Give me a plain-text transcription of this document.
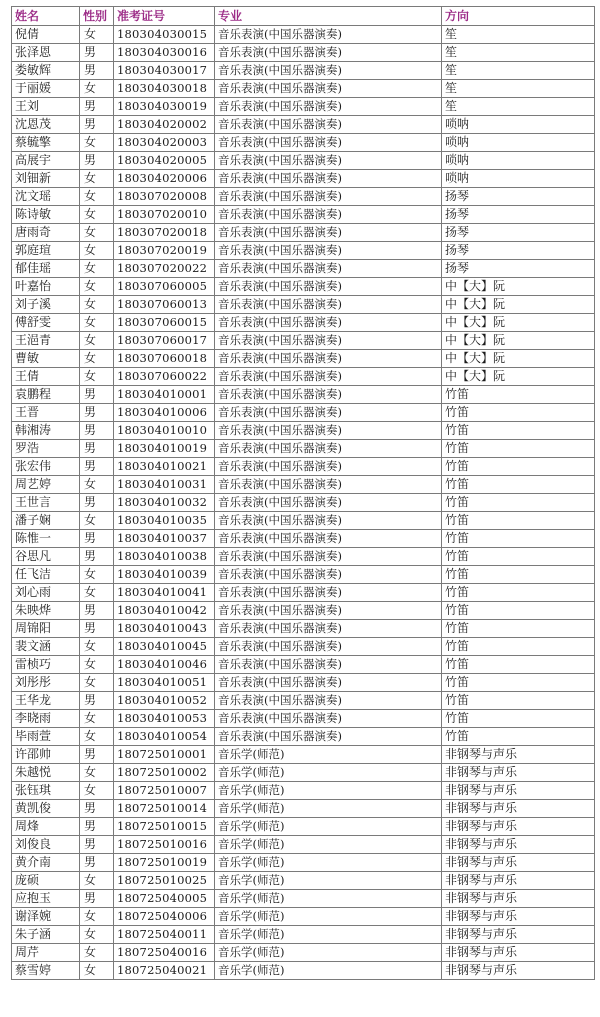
姓名	性别	准考证号	专业	方向
倪倩	女	180304030015	音乐表演(中国乐器演奏)	笙
张泽恩	男	180304030016	音乐表演(中国乐器演奏)	笙
娄敏辉	男	180304030017	音乐表演(中国乐器演奏)	笙
于丽媛	女	180304030018	音乐表演(中国乐器演奏)	笙
王刘	男	180304030019	音乐表演(中国乐器演奏)	笙
沈恩茂	男	180304020002	音乐表演(中国乐器演奏)	唢呐
蔡毓擎	女	180304020003	音乐表演(中国乐器演奏)	唢呐
高展宇	男	180304020005	音乐表演(中国乐器演奏)	唢呐
刘钿新	女	180304020006	音乐表演(中国乐器演奏)	唢呐
沈文瑶	女	180307020008	音乐表演(中国乐器演奏)	扬琴
陈诗敏	女	180307020010	音乐表演(中国乐器演奏)	扬琴
唐雨奇	女	180307020018	音乐表演(中国乐器演奏)	扬琴
郭庭瑄	女	180307020019	音乐表演(中国乐器演奏)	扬琴
郁佳瑶	女	180307020022	音乐表演(中国乐器演奏)	扬琴
叶嘉怡	女	180307060005	音乐表演(中国乐器演奏)	中【大】阮
刘子溪	女	180307060013	音乐表演(中国乐器演奏)	中【大】阮
傅舒雯	女	180307060015	音乐表演(中国乐器演奏)	中【大】阮
王浥青	女	180307060017	音乐表演(中国乐器演奏)	中【大】阮
曹敏	女	180307060018	音乐表演(中国乐器演奏)	中【大】阮
王倩	女	180307060022	音乐表演(中国乐器演奏)	中【大】阮
袁鹏程	男	180304010001	音乐表演(中国乐器演奏)	竹笛
王晋	男	180304010006	音乐表演(中国乐器演奏)	竹笛
韩湘涛	男	180304010010	音乐表演(中国乐器演奏)	竹笛
罗浩	男	180304010019	音乐表演(中国乐器演奏)	竹笛
张宏伟	男	180304010021	音乐表演(中国乐器演奏)	竹笛
周艺婷	女	180304010031	音乐表演(中国乐器演奏)	竹笛
王世言	男	180304010032	音乐表演(中国乐器演奏)	竹笛
潘子娴	女	180304010035	音乐表演(中国乐器演奏)	竹笛
陈惟一	男	180304010037	音乐表演(中国乐器演奏)	竹笛
谷思凡	男	180304010038	音乐表演(中国乐器演奏)	竹笛
任飞洁	女	180304010039	音乐表演(中国乐器演奏)	竹笛
刘心雨	女	180304010041	音乐表演(中国乐器演奏)	竹笛
朱映烨	男	180304010042	音乐表演(中国乐器演奏)	竹笛
周锦阳	男	180304010043	音乐表演(中国乐器演奏)	竹笛
裴文涵	女	180304010045	音乐表演(中国乐器演奏)	竹笛
雷桢巧	女	180304010046	音乐表演(中国乐器演奏)	竹笛
刘彤彤	女	180304010051	音乐表演(中国乐器演奏)	竹笛
王华龙	男	180304010052	音乐表演(中国乐器演奏)	竹笛
李晓雨	女	180304010053	音乐表演(中国乐器演奏)	竹笛
毕雨萱	女	180304010054	音乐表演(中国乐器演奏)	竹笛
许邵帅	男	180725010001	音乐学(师范)	非钢琴与声乐
朱越悦	女	180725010002	音乐学(师范)	非钢琴与声乐
张钰琪	女	180725010007	音乐学(师范)	非钢琴与声乐
黄凯俊	男	180725010014	音乐学(师范)	非钢琴与声乐
周烽	男	180725010015	音乐学(师范)	非钢琴与声乐
刘俊良	男	180725010016	音乐学(师范)	非钢琴与声乐
黄介南	男	180725010019	音乐学(师范)	非钢琴与声乐
庞硕	女	180725010025	音乐学(师范)	非钢琴与声乐
应抱玉	男	180725040005	音乐学(师范)	非钢琴与声乐
谢泽婉	女	180725040006	音乐学(师范)	非钢琴与声乐
朱子涵	女	180725040011	音乐学(师范)	非钢琴与声乐
周芹	女	180725040016	音乐学(师范)	非钢琴与声乐
蔡雪婷	女	180725040021	音乐学(师范)	非钢琴与声乐
